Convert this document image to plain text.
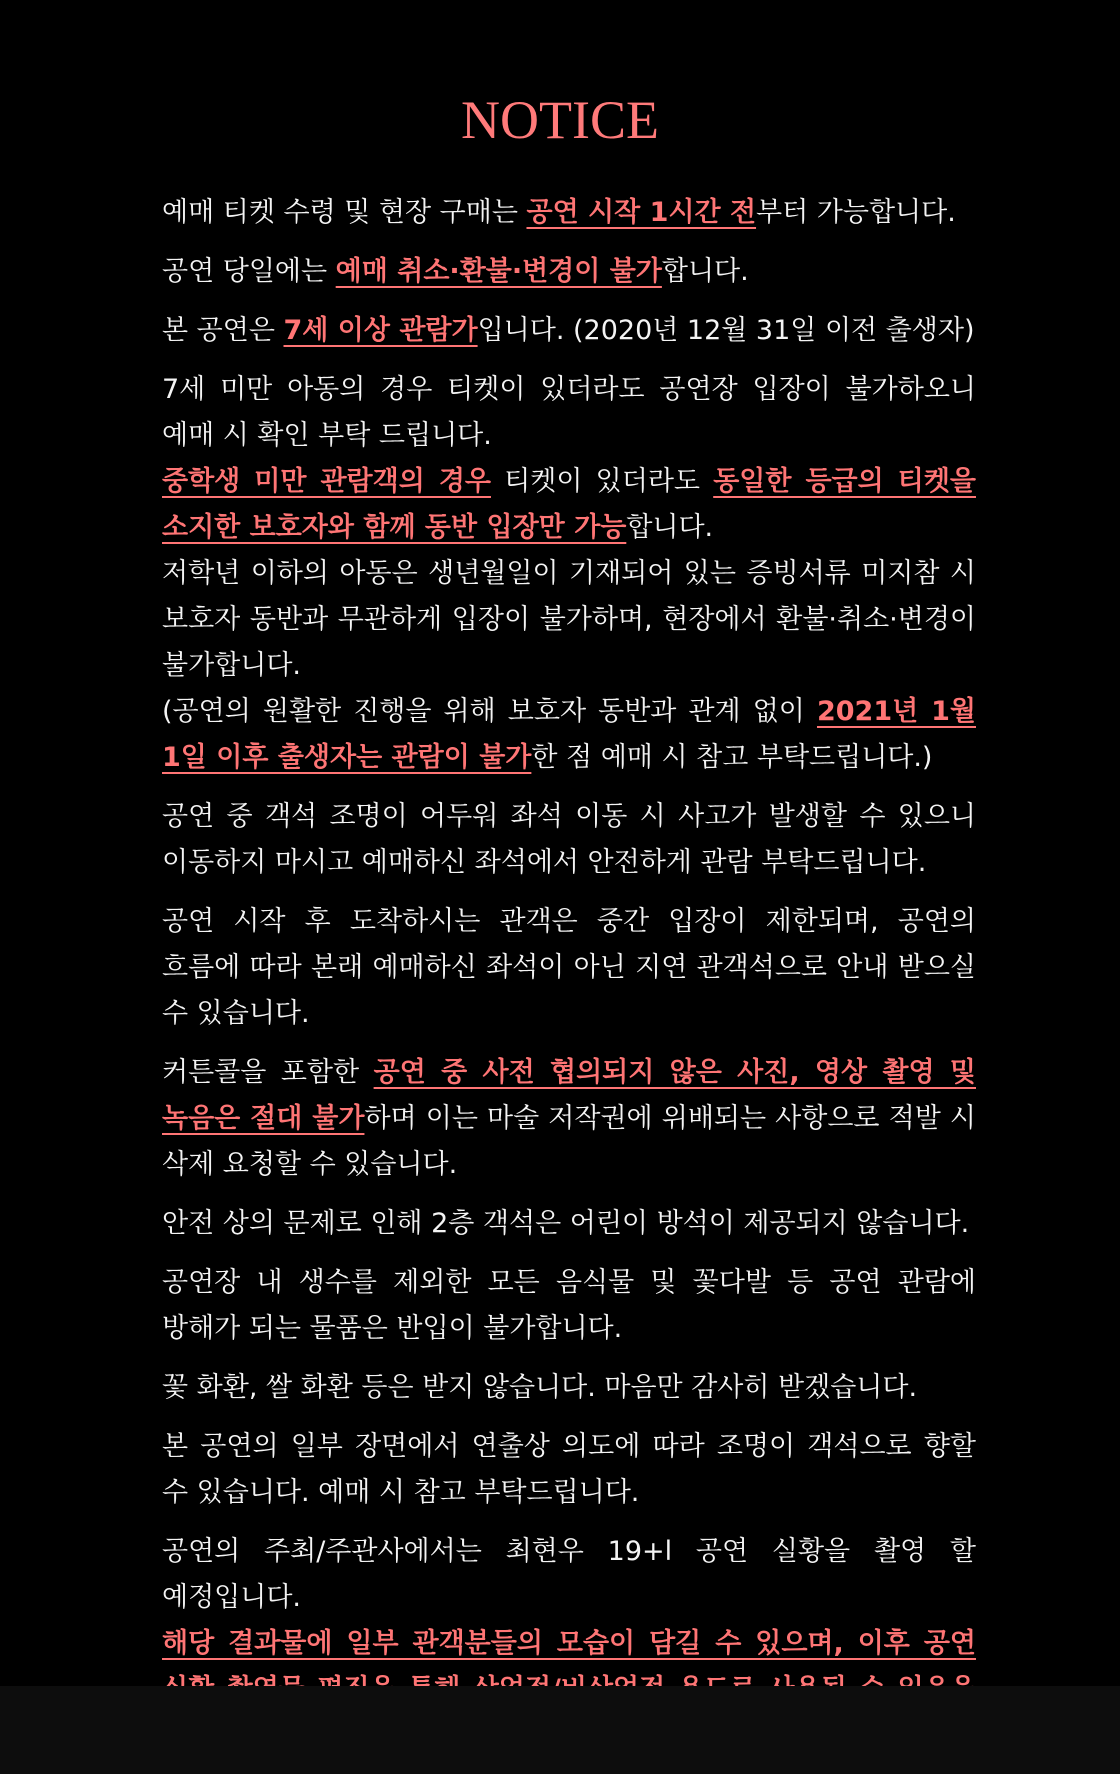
NOTICE

예매 티켓 수령 및 현장 구매는 공연 시작 1시간 전부터 가능합니다.

공연 당일에는 예매 취소·환불·변경이 불가합니다.

본 공연은 7세 이상 관람가입니다. (2020년 12월 31일 이전 출생자)

7세 미만 아동의 경우 티켓이 있더라도 공연장 입장이 불가하오니 예매 시 확인 부탁 드립니다.

중학생 미만 관람객의 경우 티켓이 있더라도 동일한 등급의 티켓을 소지한 보호자와 함께 동반 입장만 가능합니다.

저학년 이하의 아동은 생년월일이 기재되어 있는 증빙서류 미지참 시 보호자 동반과 무관하게 입장이 불가하며, 현장에서 환불·취소·변경이 불가합니다.

(공연의 원활한 진행을 위해 보호자 동반과 관계 없이 2021년 1월 1일 이후 출생자는 관람이 불가한 점 예매 시 참고 부탁드립니다.)

공연 중 객석 조명이 어두워 좌석 이동 시 사고가 발생할 수 있으니 이동하지 마시고 예매하신 좌석에서 안전하게 관람 부탁드립니다.

공연 시작 후 도착하시는 관객은 중간 입장이 제한되며, 공연의 흐름에 따라 본래 예매하신 좌석이 아닌 지연 관객석으로 안내 받으실 수 있습니다.

커튼콜을 포함한 공연 중 사전 협의되지 않은 사진, 영상 촬영 및 녹음은 절대 불가하며 이는 마술 저작권에 위배되는 사항으로 적발 시 삭제 요청할 수 있습니다.

안전 상의 문제로 인해 2층 객석은 어린이 방석이 제공되지 않습니다.

공연장 내 생수를 제외한 모든 음식물 및 꽃다발 등 공연 관람에 방해가 되는 물품은 반입이 불가합니다.

꽃 화환, 쌀 화환 등은 받지 않습니다. 마음만 감사히 받겠습니다.

본 공연의 일부 장면에서 연출상 의도에 따라 조명이 객석으로 향할 수 있습니다. 예매 시 참고 부탁드립니다.

공연의 주최/주관사에서는 최현우 19+l 공연 실황을 촬영 할 예정입니다.

해당 결과물에 일부 관객분들의 모습이 담길 수 있으며, 이후 공연
